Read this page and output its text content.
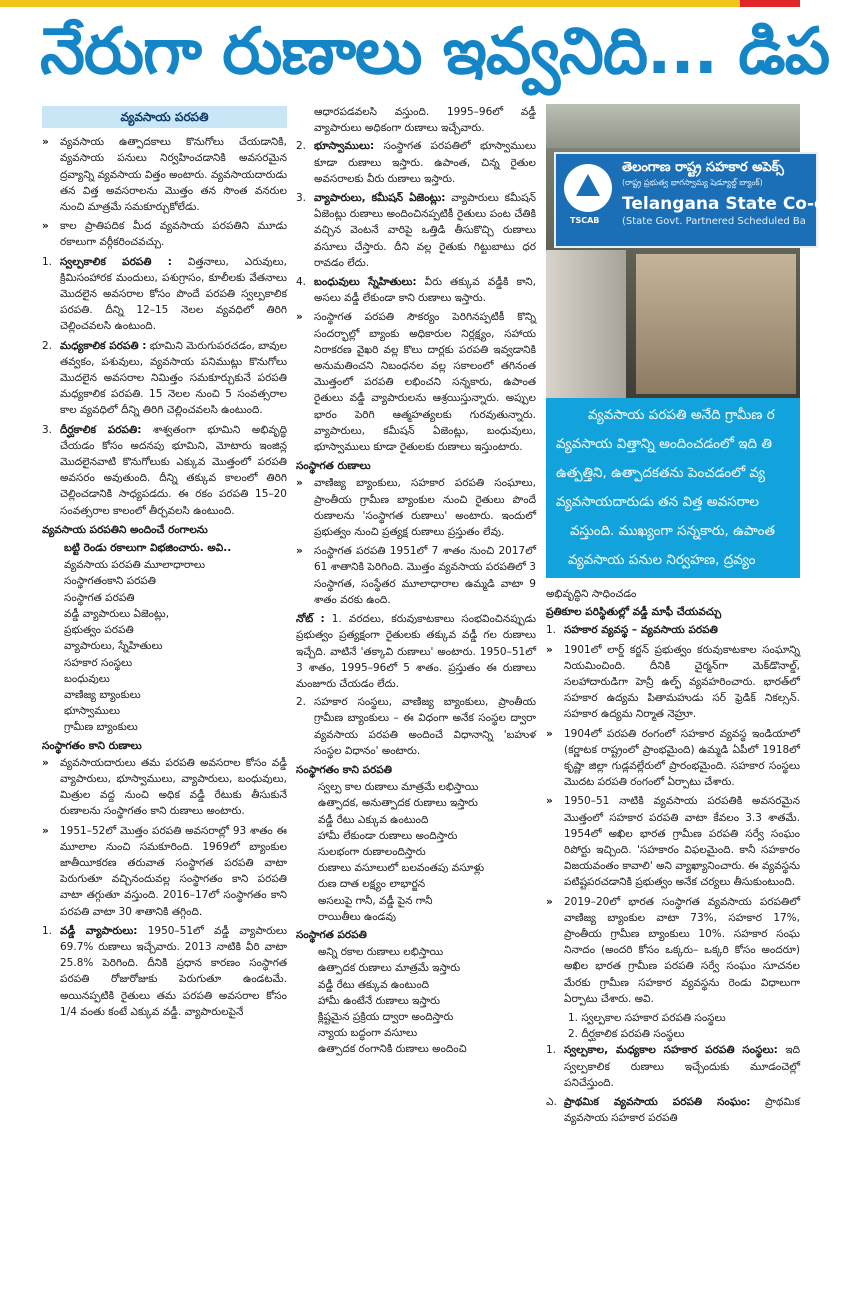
నేరుగా రుణాలు ఇవ్వనిది... డిప
వ్యవసాయ పరపతి
» వ్యవసాయ ఉత్పాదకాలు కొనుగోలు చేయడానికి, వ్యవసాయ పనులు నిర్వహించడానికి అవసరమైన ద్రవ్యాన్ని వ్యవసాయ విత్తం అంటారు. వ్యవసాయదారుడు తన విత్త అవసరాలను మొత్తం తన సొంత వనరుల నుంచి మాత్రమే సమకూర్చుకోలేడు.
» కాల ప్రాతిపదిక మీద వ్యవసాయ పరపతిని మూడు రకాలుగా వర్గీకరించవచ్చు.
1. స్వల్పకాలిక పరపతి : విత్తనాలు, ఎరువులు, క్రిమిసంహారక మందులు, పశుగ్రాసం, కూలీలకు వేతనాలు మొదలైన అవసరాల కోసం పొందే పరపతి స్వల్పకాలిక పరపతి. దీన్ని 12–15 నెలల వ్యవధిలో తిరిగి చెల్లించవలసి ఉంటుంది.
2. మధ్యకాలిక పరపతి : భూమిని మెరుగుపరచడం, బావుల తవ్వకం, పశువులు, వ్యవసాయ పనిముట్లు కొనుగోలు మొదలైన అవసరాల నిమిత్తం సమకూర్చుకునే పరపతి మధ్యకాలిక పరపతి. 15 నెలల నుంచి 5 సంవత్సరాల కాల వ్యవధిలో దీన్ని తిరిగి చెల్లించవలసి ఉంటుంది.
3. దీర్ఘకాలిక పరపతి: శాశ్వతంగా భూమిని అభివృద్ధి చేయడం కోసం అదనపు భూమిని, మోటారు ఇంజిన్ల మొదలైనవాటి కొనుగోలుకు ఎక్కువ మొత్తంలో పరపతి అవసరం అవుతుంది. దీన్ని తక్కువ కాలంలో తిరిగి చెల్లించడానికి సాధ్యపడదు. ఈ రకం పరపతి 15–20 సంవత్సరాల కాలంలో తీర్చవలసి ఉంటుంది.
వ్యవసాయ పరపతిని అందించే రంగాలను
బట్టి రెండు రకాలుగా విభజించారు. అవి..
వ్యవసాయ పరపతి మూలాధారాలు
సంస్థాగతంకాని పరపతి
సంస్థాగత పరపతి
వడ్డీ వ్యాపారులు ఏజెంట్లు,
ప్రభుత్వం పరపతి
వ్యాపారులు, స్నేహితులు
సహకార సంస్థలు
బంధువులు
వాణిజ్య బ్యాంకులు
భూస్వాములు
గ్రామీణ బ్యాంకులు
సంస్థాగతం కాని రుణాలు
» వ్యవసాయదారులు తమ పరపతి అవసరాల కోసం వడ్డీ వ్యాపారులు, భూస్వాములు, వ్యాపారులు, బంధువులు, మిత్రుల వద్ద నుంచి అధిక వడ్డీ రేటుకు తీసుకునే రుణాలను సంస్థాగతం కాని రుణాలు అంటారు.
» 1951–52లో మొత్తం పరపతి అవసరాల్లో 93 శాతం ఈ మూలాల నుంచి సమకూరింది. 1969లో బ్యాంకుల జాతీయీకరణ తరువాత సంస్థాగత పరపతి వాటా పెరుగుతూ వచ్చినందువల్ల సంస్థాగతం కాని పరపతి వాటా తగ్గుతూ వస్తుంది. 2016–17లో సంస్థాగతం కాని పరపతి వాటా 30 శాతానికి తగ్గింది.
1. వడ్డీ వ్యాపారులు: 1950–51లో వడ్డీ వ్యాపారులు 69.7% రుణాలు ఇచ్చేవారు. 2013 నాటికి వీరి వాటా 25.8% పెరిగింది. దీనికి ప్రధాన కారణం సంస్థాగత పరపతి రోజురోజుకు పెరుగుతూ ఉండటమే. అయినప్పటికి రైతులు తమ పరపతి అవసరాల కోసం 1/4 వంతు కంటే ఎక్కువ వడ్డీ. వ్యాపారులపైనే
ఆధారపడవలసి వస్తుంది. 1995–96లో వడ్డీ వ్యాపారులు అధికంగా రుణాలు ఇచ్చేవారు.
2. భూస్వాములు: సంస్థాగత పరపతిలో భూస్వాములు కూడా రుణాలు ఇస్తారు. ఉపాంత, చిన్న రైతుల అవసరాలకు వీరు రుణాలు ఇస్తారు.
3. వ్యాపారులు, కమీషన్ ఏజెంట్లు: వ్యాపారులు కమీషన్ ఏజెంట్లు రుణాలు అందించినప్పటికీ రైతులు పంట చేతికి వచ్చిన వెంటనే వారిపై ఒత్తిడి తీసుకొచ్చి రుణాలు వసూలు చేస్తారు. దీని వల్ల రైతుకు గిట్టుబాటు ధర రావడం లేదు.
4. బంధువులు స్నేహితులు: వీరు తక్కువ వడ్డీకి కాని, అసలు వడ్డీ లేకుండా కాని రుణాలు ఇస్తారు.
» సంస్థాగత పరపతి సౌకర్యం పెరిగినప్పటికీ కొన్ని సందర్భాల్లో బ్యాంకు అధికారుల నిర్లక్ష్యం, సహాయ నిరాకరణ వైఖరి వల్ల కొలు దార్లకు పరపతి ఇవ్వడానికి అనుమతించని నిబంధనల వల్ల సకాలంలో తగినంత మొత్తంలో పరపతి లభించని సన్నకారు, ఉపాంత రైతులు వడ్డీ వ్యాపారులను ఆశ్రయిస్తున్నారు. అప్పుల భారం పెరిగి ఆత్మహత్యలకు గురవుతున్నారు. వ్యాపారులు, కమీషన్ ఏజెంట్లు, బంధువులు, భూస్వాములు కూడా రైతులకు రుణాలు ఇస్తుంటారు.
సంస్థాగత రుణాలు
» వాణిజ్య బ్యాంకులు, సహకార పరపతి సంఘాలు, ప్రాంతీయ గ్రామీణ బ్యాంకుల నుంచి రైతులు పొందే రుణాలను 'సంస్థాగత రుణాలు' అంటారు. ఇందులో ప్రభుత్వం నుంచి ప్రత్యక్ష రుణాలు ప్రస్తుతం లేవు.
» సంస్థాగత పరపతి 1951లో 7 శాతం నుంచి 2017లో 61 శాతానికి పెరిగింది. మొత్తం వ్యవసాయ పరపతిలో 3 సంస్థాగత, సంస్థేతర మూలాధారాల ఉమ్మడి వాటా 9 శాతం వరకు ఉంది.
నోట్ : 1. వరదలు, కరువుకాటకాలు సంభవించినప్పుడు ప్రభుత్వం ప్రత్యక్షంగా రైతులకు తక్కువ వడ్డీ గల రుణాలు ఇచ్చేది. వాటినే 'తక్కావి రుణాలు' అంటారు. 1950–51లో 3 శాతం, 1995–96లో 5 శాతం. ప్రస్తుతం ఈ రుణాలు మంజూరు చేయడం లేదు.
2. సహకార సంస్థలు, వాణిజ్య బ్యాంకులు, ప్రాంతీయ గ్రామీణ బ్యాంకులు – ఈ విధంగా అనేక సంస్థల ద్వారా వ్యవసాయ పరపతి అందించే విధానాన్ని 'బహుళ సంస్థల విధానం' అంటారు.
సంస్థాగతం కాని పరపతి
స్వల్ప కాల రుణాలు మాత్రమే లభిస్తాయి
ఉత్పాదక, అనుత్పాదక రుణాలు ఇస్తారు
వడ్డీ రేటు ఎక్కువ ఉంటుంది
హామీ లేకుండా రుణాలు అందిస్తారు
సులభంగా రుణాలందిస్తారు
రుణాలు వసూలులో బలవంతపు వసూళ్లు
రుణ దాత లక్ష్యం లాభార్జన
అసలుపై గానీ, వడ్డీ పైన గానీ
రాయితీలు ఉండవు
సంస్థాగత పరపతి
అన్ని రకాల రుణాలు లభిస్తాయి
ఉత్పాదక రుణాలు మాత్రమే ఇస్తారు
వడ్డీ రేటు తక్కువ ఉంటుంది
హామీ ఉంటేనే రుణాలు ఇస్తారు
క్లిష్టమైన ప్రక్రియ ద్వారా అందిస్తారు
న్యాయ బద్ధంగా వసూలు
ఉత్పాదక రంగానికి రుణాలు అందించి
TSCAB
తెలంగాణ రాష్ట్ర సహకార అపెక్స్
(రాష్ట్ర ప్రభుత్వ భాగస్వామ్య షెడ్యూల్డ్ బ్యాంక్)
Telangana State Co-oper
(State Govt. Partnered Scheduled Ba
వ్యవసాయ పరపతి అనేది గ్రామీణ ర
వ్యవసాయ విత్తాన్ని అందించడంలో ఇది తి
ఉత్పత్తిని, ఉత్పాదకతను పెంచడంలో వ్య
వ్యవసాయదారుడు తన విత్త అవసరాల
వస్తుంది. ముఖ్యంగా సన్నకారు, ఉపాంత
వ్యవసాయ పనుల నిర్వహణ, ద్రవ్యం
అభివృద్ధిని సాధించడం
ప్రతికూల పరిస్థితుల్లో వడ్డీ మాఫీ చేయవచ్చు
1. సహకార వ్యవస్థ – వ్యవసాయ పరపతి
» 1901లో లార్డ్ కర్జన్ ప్రభుత్వం కరువుకాటకాల సంఘాన్ని నియమించింది. దీనికి చైర్మన్‌గా మెక్‌డొనాల్డ్, సలహాదారుడిగా హెన్రీ ఉల్ఫ్ వ్యవహరించారు. భారత్‌లో సహకార ఉద్యమ పితామహుడు సర్ ఫ్రెడిక్ నికల్సన్. సహకార ఉద్యమ నిర్మాత నెహ్రూ.
» 1904లో పరపతి రంగంలో సహకార వ్యవస్థ ఇండియాలో (కర్ణాటక రాష్ట్రంలో ప్రాంభమైంది) ఉమ్మడి ఏపీలో 1918లో కృష్ణా జిల్లా గుడ్లవల్లేరులో ప్రారంభమైంది. సహకార సంస్థలు మొదట పరపతి రంగంలో ఏర్పాటు చేశారు.
» 1950–51 నాటికి వ్యవసాయ పరపతికి అవసరమైన మొత్తంలో సహకార పరపతి వాటా కేవలం 3.3 శాతమే. 1954లో అఖిల భారత గ్రామీణ పరపతి సర్వే సంఘం రిపోర్టు ఇచ్చింది. 'సహకారం విఫలమైంది. కానీ సహకారం విజయవంతం కావాలి' అని వ్యాఖ్యానించారు. ఈ వ్యవస్థను పటిష్టపరచడానికి ప్రభుత్వం అనేక చర్యలు తీసుకుంటుంది.
» 2019–20లో భారత సంస్థాగత వ్యవసాయ పరపతిలో వాణిజ్య బ్యాంకుల వాటా 73%, సహకార 17%, ప్రాంతీయ గ్రామీణ బ్యాంకులు 10%. సహకార సంఘ నినాదం (అందరి కోసం ఒక్కరు– ఒక్కరి కోసం అందరూ) అఖిల భారత గ్రామీణ పరపతి సర్వే సంఘం సూచనల మేరకు గ్రామీణ సహకార వ్యవస్థను రెండు విధాలుగా ఏర్పాటు చేశారు. అవి.
1. స్వల్పకాల సహకార పరపతి సంస్థలు
2. దీర్ఘకాలిక పరపతి సంస్థలు
1. స్వల్పకాల, మధ్యకాల సహకార పరపతి సంస్థలు: ఇది స్వల్పకాలిక రుణాలు ఇచ్చేందుకు మూడంచెల్లో పనిచేస్తుంది.
ఎ. ప్రాథమిక వ్యవసాయ పరపతి సంఘం: ప్రాథమిక వ్యవసాయ సహకార పరపతి
